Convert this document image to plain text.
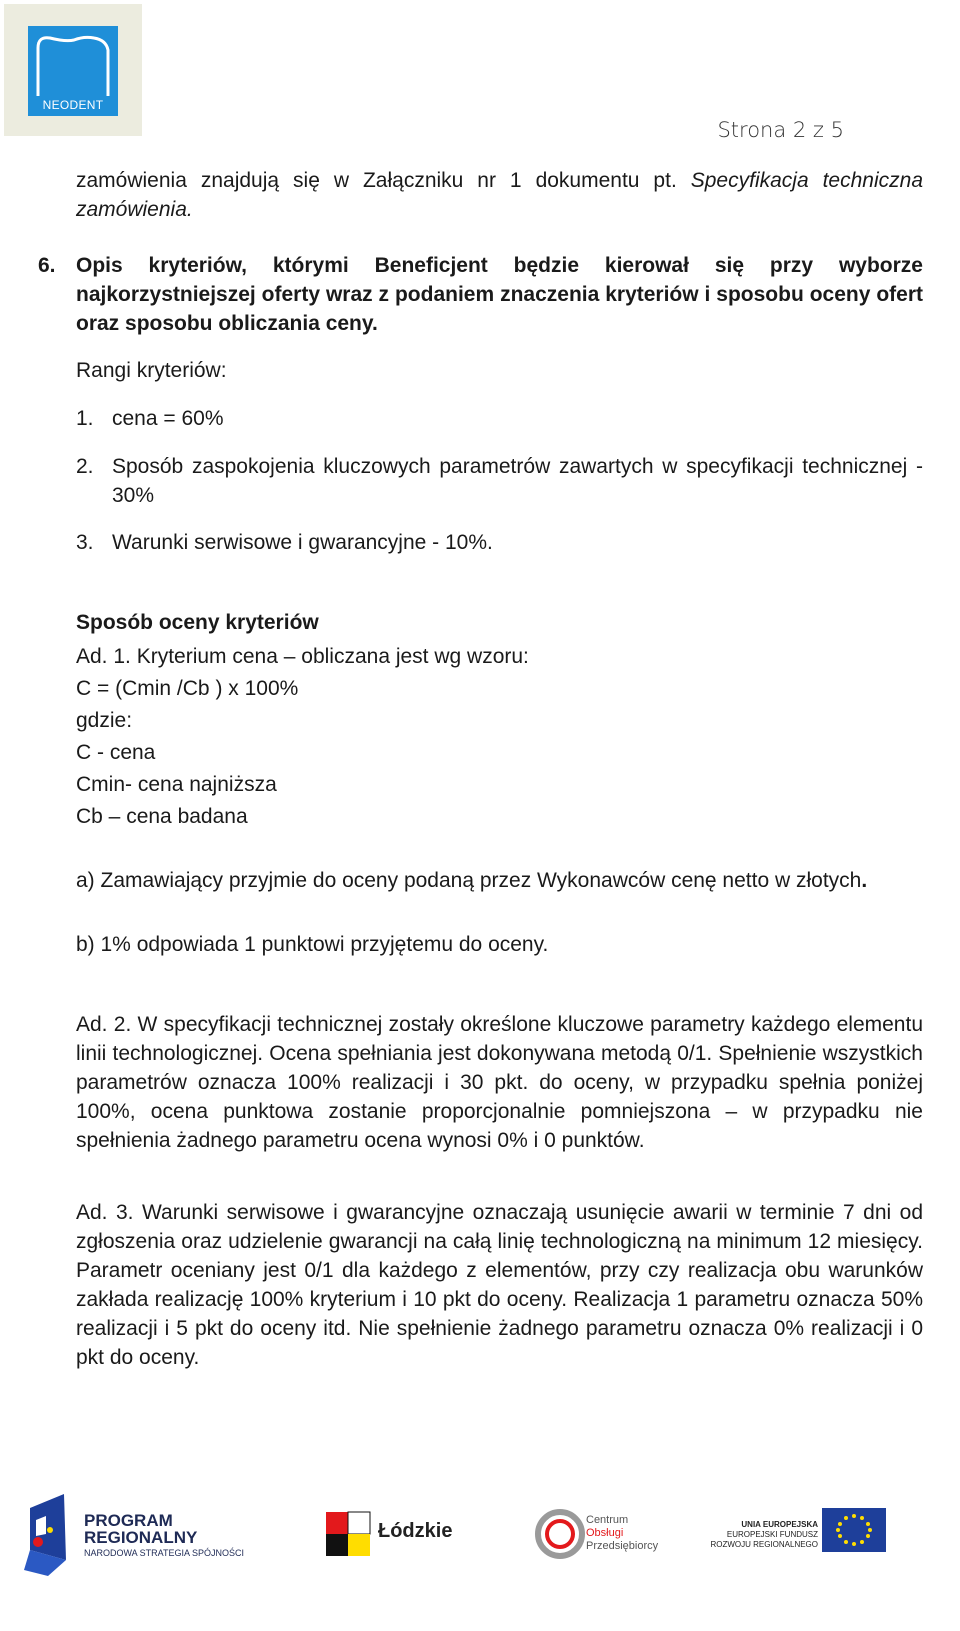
NEODENT
Strona 2 z 5
zamówienia znajdują się w Załączniku nr 1 dokumentu pt. Specyfikacja techniczna zamówienia.
6. Opis kryteriów, którymi Beneficjent będzie kierował się przy wyborze najkorzystniejszej oferty wraz z podaniem znaczenia kryteriów i sposobu oceny ofert oraz sposobu obliczania ceny.
Rangi kryteriów:
1. cena = 60%
2. Sposób zaspokojenia kluczowych parametrów zawartych w specyfikacji technicznej - 30%
3. Warunki serwisowe i gwarancyjne - 10%.
Sposób oceny kryteriów
Ad. 1. Kryterium cena – obliczana jest wg wzoru:
C = (Cmin /Cb ) x 100%
gdzie:
C - cena
Cmin- cena najniższa
Cb – cena badana
a) Zamawiający przyjmie do oceny podaną przez Wykonawców cenę netto w złotych.
b) 1% odpowiada 1 punktowi przyjętemu do oceny.
Ad. 2. W specyfikacji technicznej zostały określone kluczowe parametry każdego elementu linii technologicznej. Ocena spełniania jest dokonywana metodą 0/1. Spełnienie wszystkich parametrów oznacza 100% realizacji i 30 pkt. do oceny, w przypadku spełnia poniżej 100%, ocena punktowa zostanie proporcjonalnie pomniejszona – w przypadku nie spełnienia żadnego parametru ocena wynosi 0% i 0 punktów.
Ad. 3. Warunki serwisowe i gwarancyjne oznaczają usunięcie awarii w terminie 7 dni od zgłoszenia oraz udzielenie gwarancji na całą linię technologiczną na minimum 12 miesięcy. Parametr oceniany jest 0/1 dla każdego z elementów, przy czy realizacja obu warunków zakłada realizację 100% kryterium i 10 pkt do oceny. Realizacja 1 parametru oznacza 50% realizacji i 5 pkt do oceny itd. Nie spełnienie żadnego parametru oznacza 0% realizacji i 0 pkt do oceny.
PROGRAM
REGIONALNY
NARODOWA STRATEGIA SPÓJNOŚCI
Łódzkie	Centrum
Obsługi
Przedsiębiorcy
UNIA EUROPEJSKA
EUROPEJSKI FUNDUSZ
ROZWOJU REGIONALNEGO
